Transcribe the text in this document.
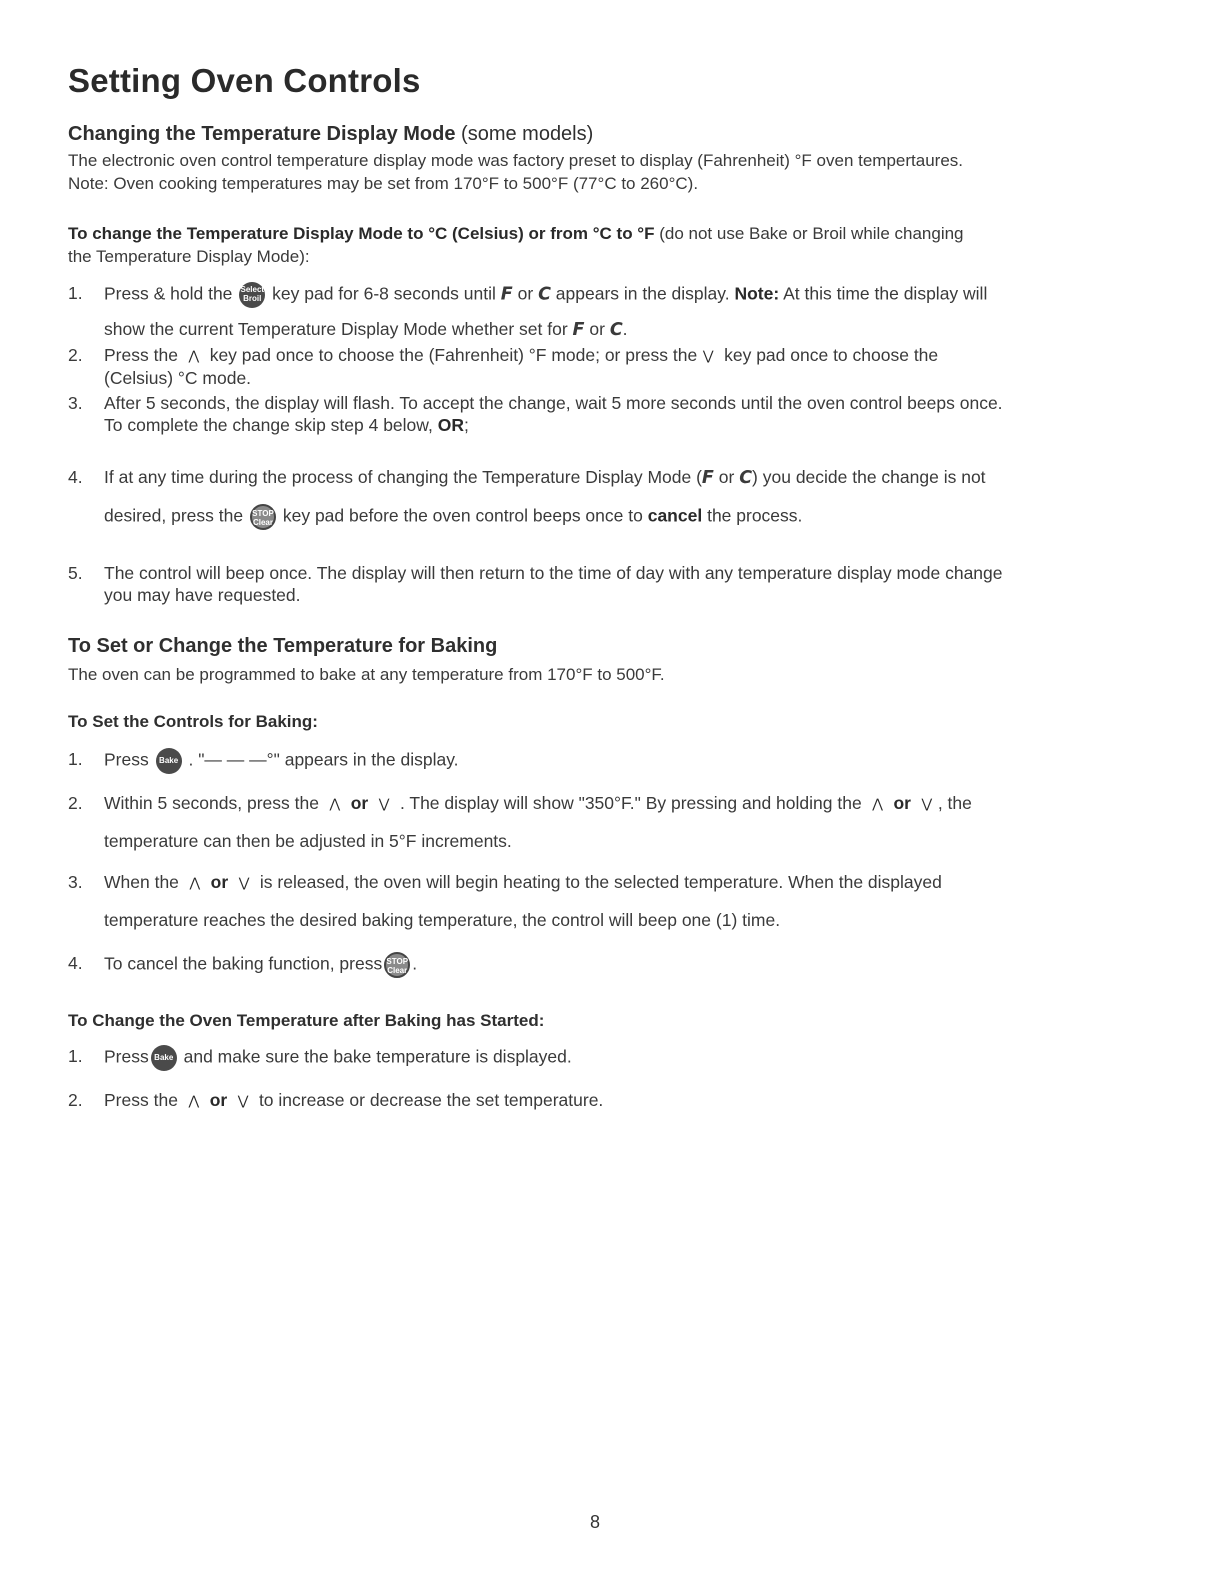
Setting Oven Controls
Changing the Temperature Display Mode (some models)
The electronic oven control temperature display mode was factory preset to display (Fahrenheit) °F oven tempertaures.
Note: Oven cooking temperatures may be set from 170°F to 500°F (77°C to 260°C).
To change the Temperature Display Mode to °C (Celsius) or from °C to °F (do not use Bake or Broil while changing
the Temperature Display Mode):
1.	Press & hold the Select
Broil key pad for 6-8 seconds until F or C appears in the display. Note: At this time the display will
show the current Temperature Display Mode whether set for F or C.
2.	Press the ⋀ key pad once to choose the (Fahrenheit) °F mode; or press the ⋁ key pad once to choose the
(Celsius) °C mode.
3.	After 5 seconds, the display will flash. To accept the change, wait 5 more seconds until the oven control beeps once.
To complete the change skip step 4 below, OR;
4.	If at any time during the process of changing the Temperature Display Mode (F or C) you decide the change is not
desired, press the STOP
Clear key pad before the oven control beeps once to cancel the process.
5.	The control will beep once. The display will then return to the time of day with any temperature display mode change
you may have requested.
To Set or Change the Temperature for Baking
The oven can be programmed to bake at any temperature from 170°F to 500°F.
To Set the Controls for Baking:
1.	Press Bake . "— — —°" appears in the display.
2.	Within 5 seconds, press the ⋀ or ⋁ . The display will show "350°F." By pressing and holding the ⋀ or ⋁ , the
temperature can then be adjusted in 5°F increments.
3.	When the ⋀ or ⋁ is released, the oven will begin heating to the selected temperature. When the displayed
temperature reaches the desired baking temperature, the control will beep one (1) time.
4.	To cancel the baking function, press STOP
Clear .
To Change the Oven Temperature after Baking has Started:
1.	Press Bake and make sure the bake temperature is displayed.
2.	Press the ⋀ or ⋁ to increase or decrease the set temperature.
8
